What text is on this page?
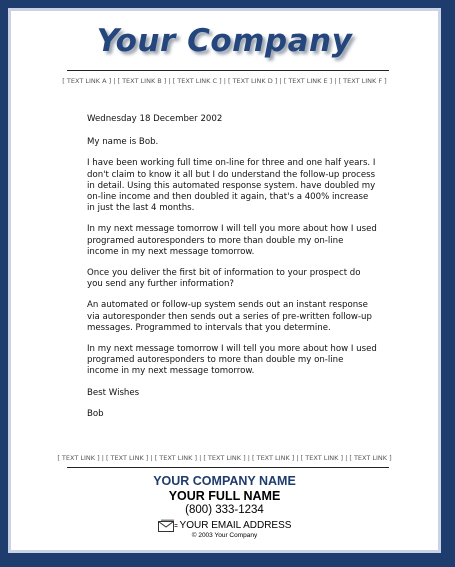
Your Company
[ TEXT LINK A ] | [ TEXT LINK B ] | [ TEXT LINK C ] | [ TEXT LINK D ] | [ TEXT LINK E ] | [ TEXT LINK F ]

Wednesday 18 December 2002

My name is Bob.

I have been working full time on-line for three and one half years. I don't claim to know it all but I do understand the follow-up process in detail. Using this automated response system. have doubled my on-line income and then doubled it again, that's a 400% increase in just the last 4 months.

In my next message tomorrow I will tell you more about how I used programed autoresponders to more than double my on-line income in my next message tomorrow.

Once you deliver the first bit of information to your prospect do you send any further information?

An automated or follow-up system sends out an instant response via autoresponder then sends out a series of pre-written follow-up messages. Programmed to intervals that you determine.

In my next message tomorrow I will tell you more about how I used programed autoresponders to more than double my on-line income in my next message tomorrow.

Best Wishes

Bob

[ TEXT LINK ] | [ TEXT LINK ] | [ TEXT LINK ] | [ TEXT LINK ] | [ TEXT LINK ] | [ TEXT LINK ] | [ TEXT LINK ]
YOUR COMPANY NAME
YOUR FULL NAME
(800) 333-1234
YOUR EMAIL ADDRESS
© 2003 Your Company
